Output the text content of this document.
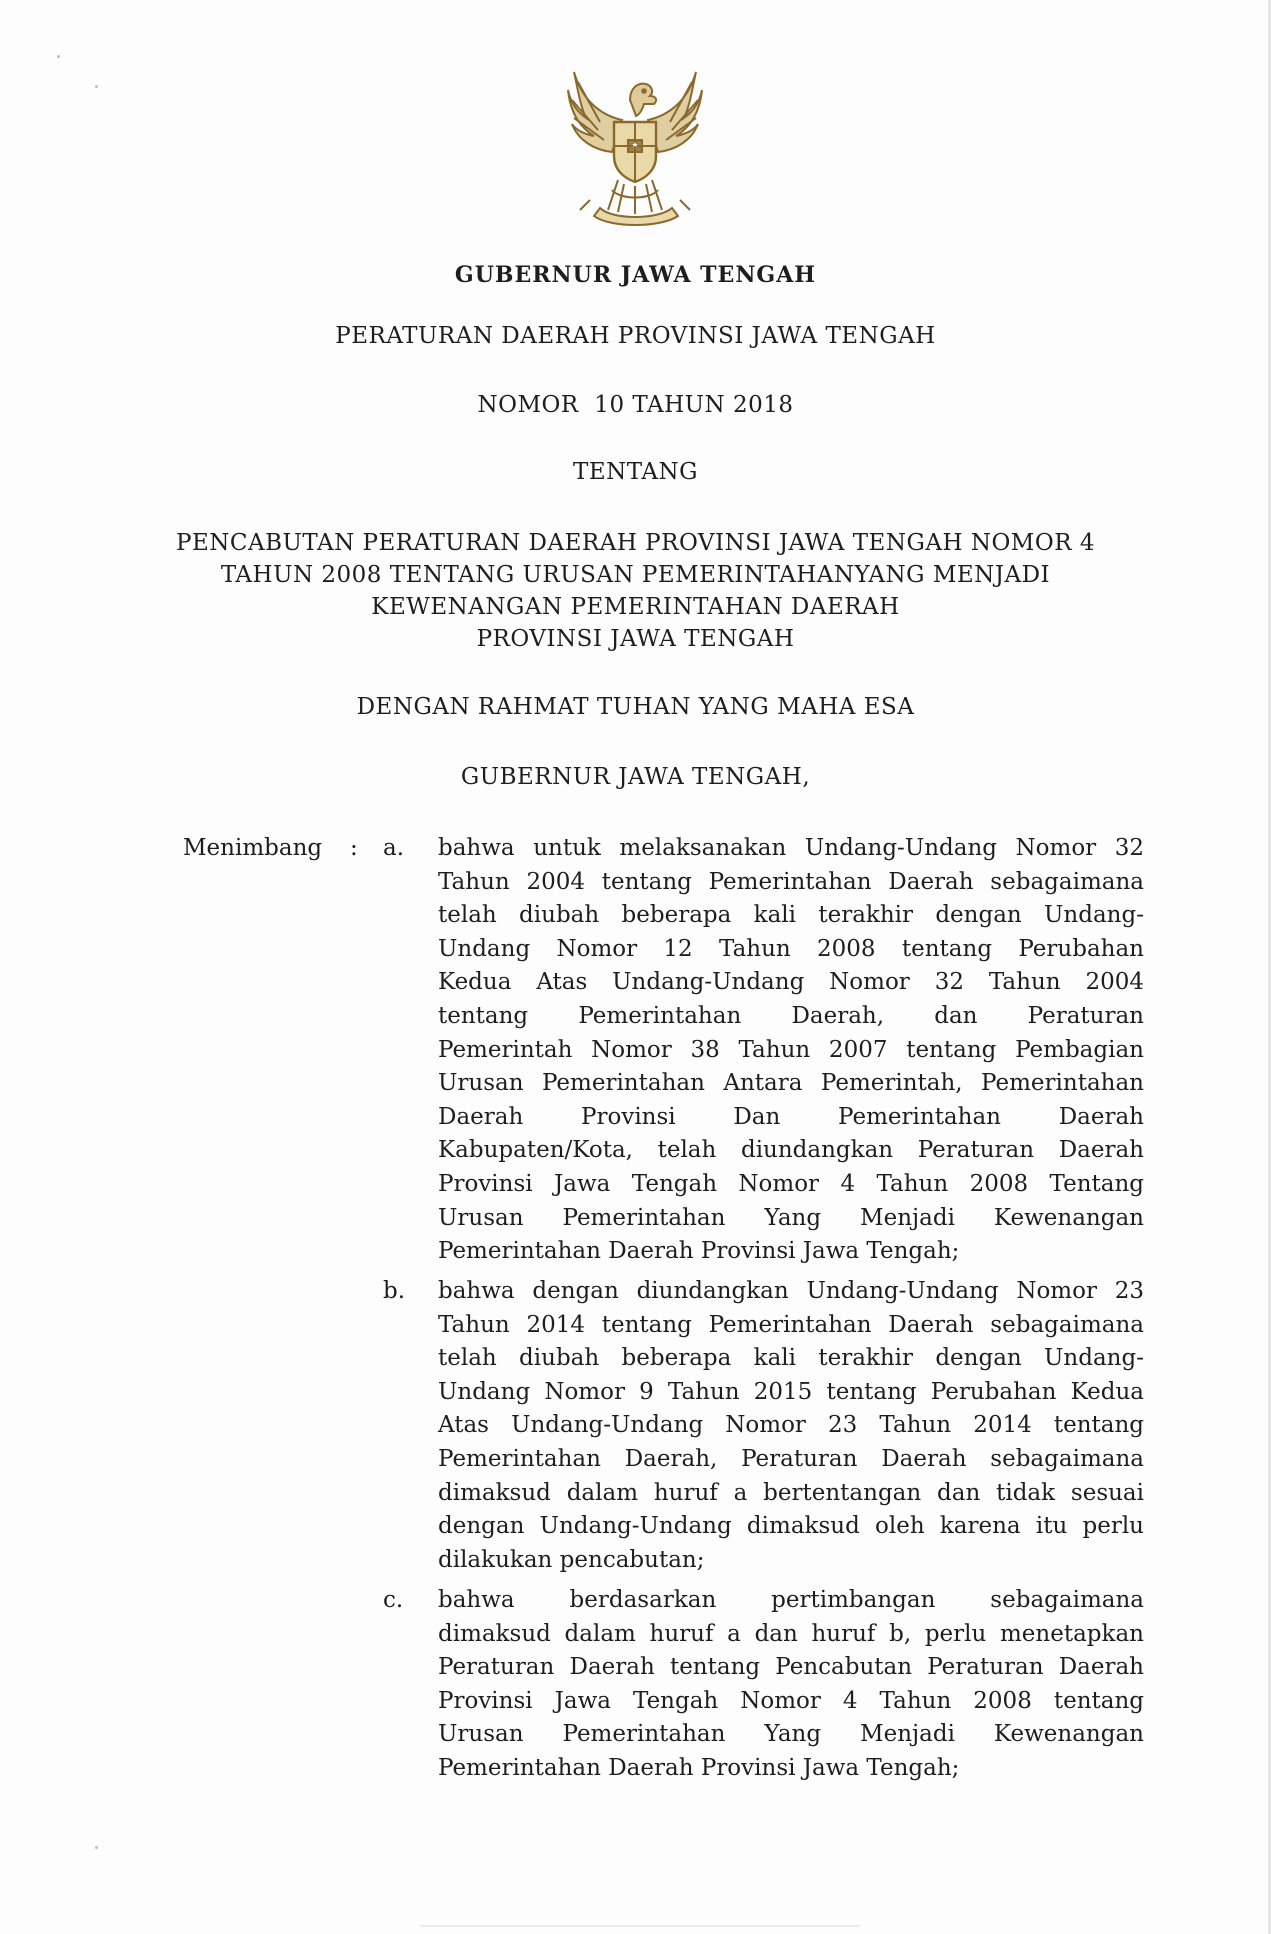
GUBERNUR JAWA TENGAH
PERATURAN DAERAH PROVINSI JAWA TENGAH
NOMOR  10 TAHUN 2018
TENTANG
PENCABUTAN PERATURAN DAERAH PROVINSI JAWA TENGAH NOMOR 4
TAHUN 2008 TENTANG URUSAN PEMERINTAHANYANG MENJADI
KEWENANGAN PEMERINTAHAN DAERAH
PROVINSI JAWA TENGAH
DENGAN RAHMAT TUHAN YANG MAHA ESA
GUBERNUR JAWA TENGAH,
Menimbang : a. bahwa untuk melaksanakan Undang-Undang Nomor 32
Tahun 2004 tentang Pemerintahan Daerah sebagaimana
telah diubah beberapa kali terakhir dengan Undang-
Undang Nomor 12 Tahun 2008 tentang Perubahan
Kedua Atas Undang-Undang Nomor 32 Tahun 2004
tentang Pemerintahan Daerah, dan Peraturan
Pemerintah Nomor 38 Tahun 2007 tentang Pembagian
Urusan Pemerintahan Antara Pemerintah, Pemerintahan
Daerah Provinsi Dan Pemerintahan Daerah
Kabupaten/Kota, telah diundangkan Peraturan Daerah
Provinsi Jawa Tengah Nomor 4 Tahun 2008 Tentang
Urusan Pemerintahan Yang Menjadi Kewenangan
Pemerintahan Daerah Provinsi Jawa Tengah;
b. bahwa dengan diundangkan Undang-Undang Nomor 23
Tahun 2014 tentang Pemerintahan Daerah sebagaimana
telah diubah beberapa kali terakhir dengan Undang-
Undang Nomor 9 Tahun 2015 tentang Perubahan Kedua
Atas Undang-Undang Nomor 23 Tahun 2014 tentang
Pemerintahan Daerah, Peraturan Daerah sebagaimana
dimaksud dalam huruf a bertentangan dan tidak sesuai
dengan Undang-Undang dimaksud oleh karena itu perlu
dilakukan pencabutan;
c. bahwa berdasarkan pertimbangan sebagaimana
dimaksud dalam huruf a dan huruf b, perlu menetapkan
Peraturan Daerah tentang Pencabutan Peraturan Daerah
Provinsi Jawa Tengah Nomor 4 Tahun 2008 tentang
Urusan Pemerintahan Yang Menjadi Kewenangan
Pemerintahan Daerah Provinsi Jawa Tengah;
